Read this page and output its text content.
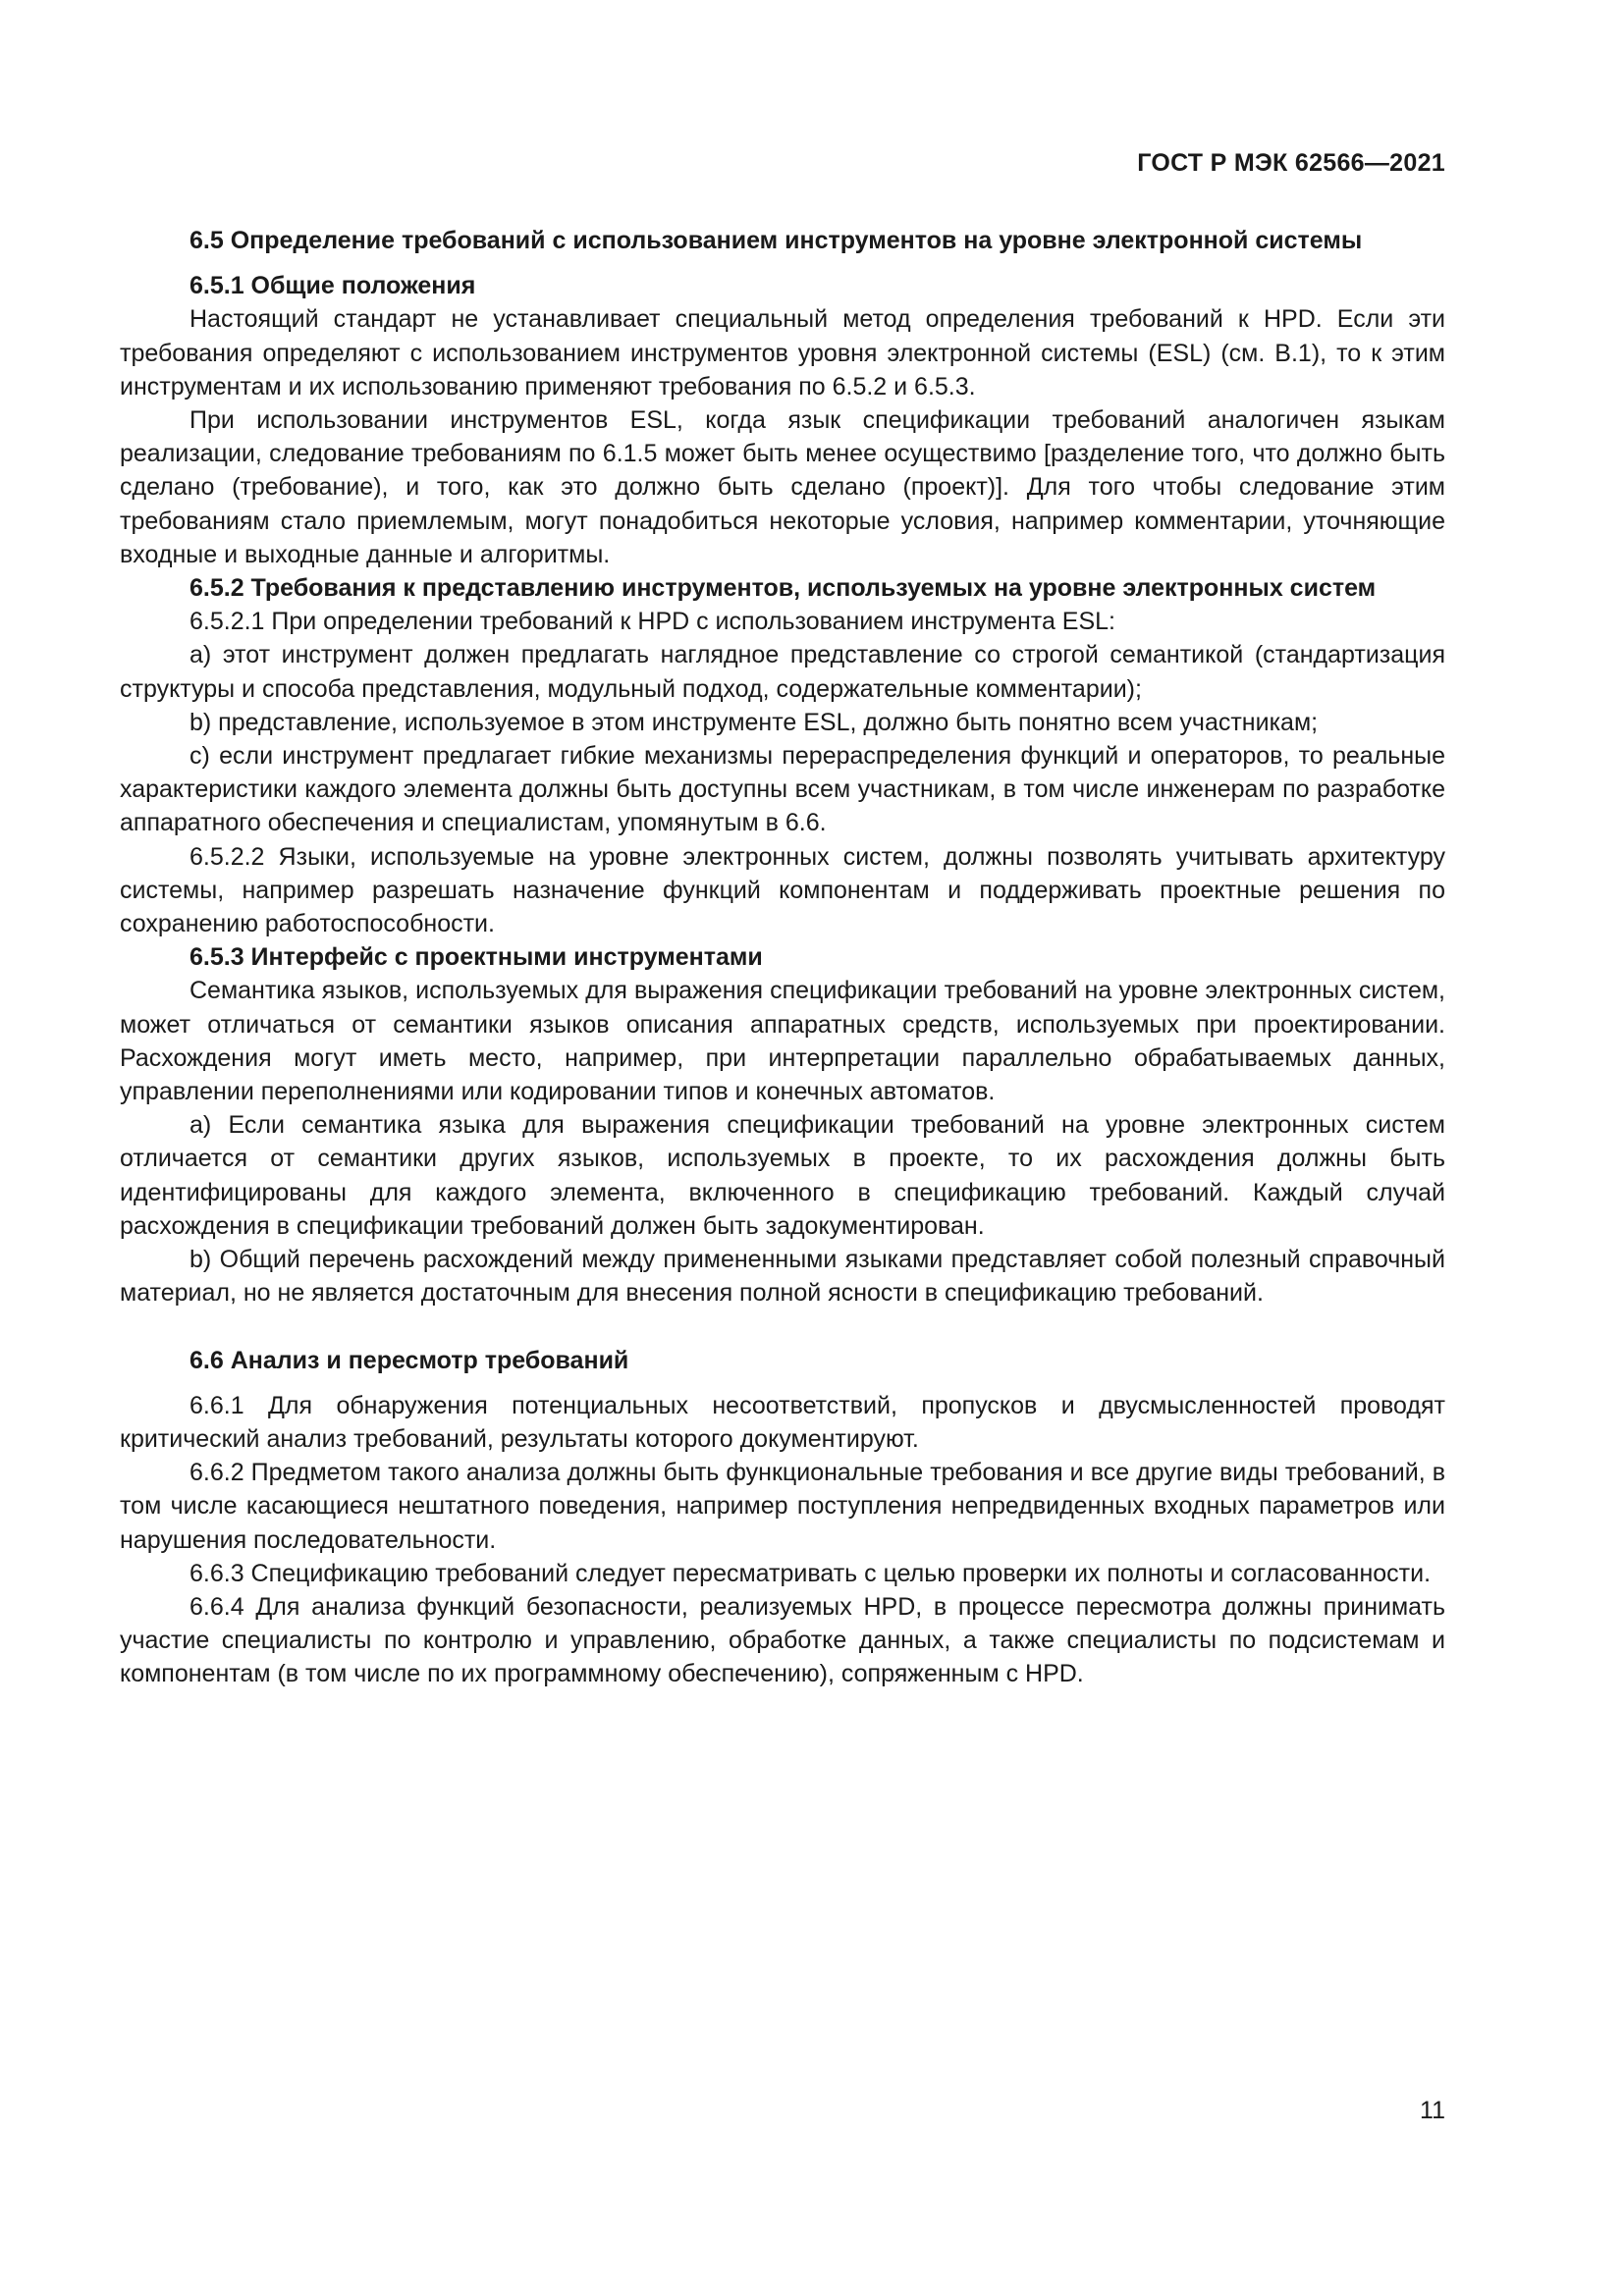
ГОСТ Р МЭК 62566—2021
6.5 Определение требований с использованием инструментов на уровне электронной системы
6.5.1 Общие положения

Настоящий стандарт не устанавливает специальный метод определения требований к HPD. Если эти требования определяют с использованием инструментов уровня электронной системы (ESL) (см. В.1), то к этим инструментам и их использованию применяют требования по 6.5.2 и 6.5.3.

При использовании инструментов ESL, когда язык спецификации требований аналогичен языкам реализации, следование требованиям по 6.1.5 может быть менее осуществимо [разделение того, что должно быть сделано (требование), и того, как это должно быть сделано (проект)]. Для того чтобы следование этим требованиям стало приемлемым, могут понадобиться некоторые условия, например комментарии, уточняющие входные и выходные данные и алгоритмы.

6.5.2 Требования к представлению инструментов, используемых на уровне электронных систем

6.5.2.1 При определении требований к HPD с использованием инструмента ESL:

a) этот инструмент должен предлагать наглядное представление со строгой семантикой (стандартизация структуры и способа представления, модульный подход, содержательные комментарии);

b) представление, используемое в этом инструменте ESL, должно быть понятно всем участникам;

c) если инструмент предлагает гибкие механизмы перераспределения функций и операторов, то реальные характеристики каждого элемента должны быть доступны всем участникам, в том числе инженерам по разработке аппаратного обеспечения и специалистам, упомянутым в 6.6.

6.5.2.2 Языки, используемые на уровне электронных систем, должны позволять учитывать архитектуру системы, например разрешать назначение функций компонентам и поддерживать проектные решения по сохранению работоспособности.

6.5.3 Интерфейс с проектными инструментами

Семантика языков, используемых для выражения спецификации требований на уровне электронных систем, может отличаться от семантики языков описания аппаратных средств, используемых при проектировании. Расхождения могут иметь место, например, при интерпретации параллельно обрабатываемых данных, управлении переполнениями или кодировании типов и конечных автоматов.

a) Если семантика языка для выражения спецификации требований на уровне электронных систем отличается от семантики других языков, используемых в проекте, то их расхождения должны быть идентифицированы для каждого элемента, включенного в спецификацию требований. Каждый случай расхождения в спецификации требований должен быть задокументирован.

b) Общий перечень расхождений между примененными языками представляет собой полезный справочный материал, но не является достаточным для внесения полной ясности в спецификацию требований.

6.6 Анализ и пересмотр требований

6.6.1 Для обнаружения потенциальных несоответствий, пропусков и двусмысленностей проводят критический анализ требований, результаты которого документируют.

6.6.2 Предметом такого анализа должны быть функциональные требования и все другие виды требований, в том числе касающиеся нештатного поведения, например поступления непредвиденных входных параметров или нарушения последовательности.

6.6.3 Спецификацию требований следует пересматривать с целью проверки их полноты и согласованности.

6.6.4 Для анализа функций безопасности, реализуемых HPD, в процессе пересмотра должны принимать участие специалисты по контролю и управлению, обработке данных, а также специалисты по подсистемам и компонентам (в том числе по их программному обеспечению), сопряженным с HPD.

11
